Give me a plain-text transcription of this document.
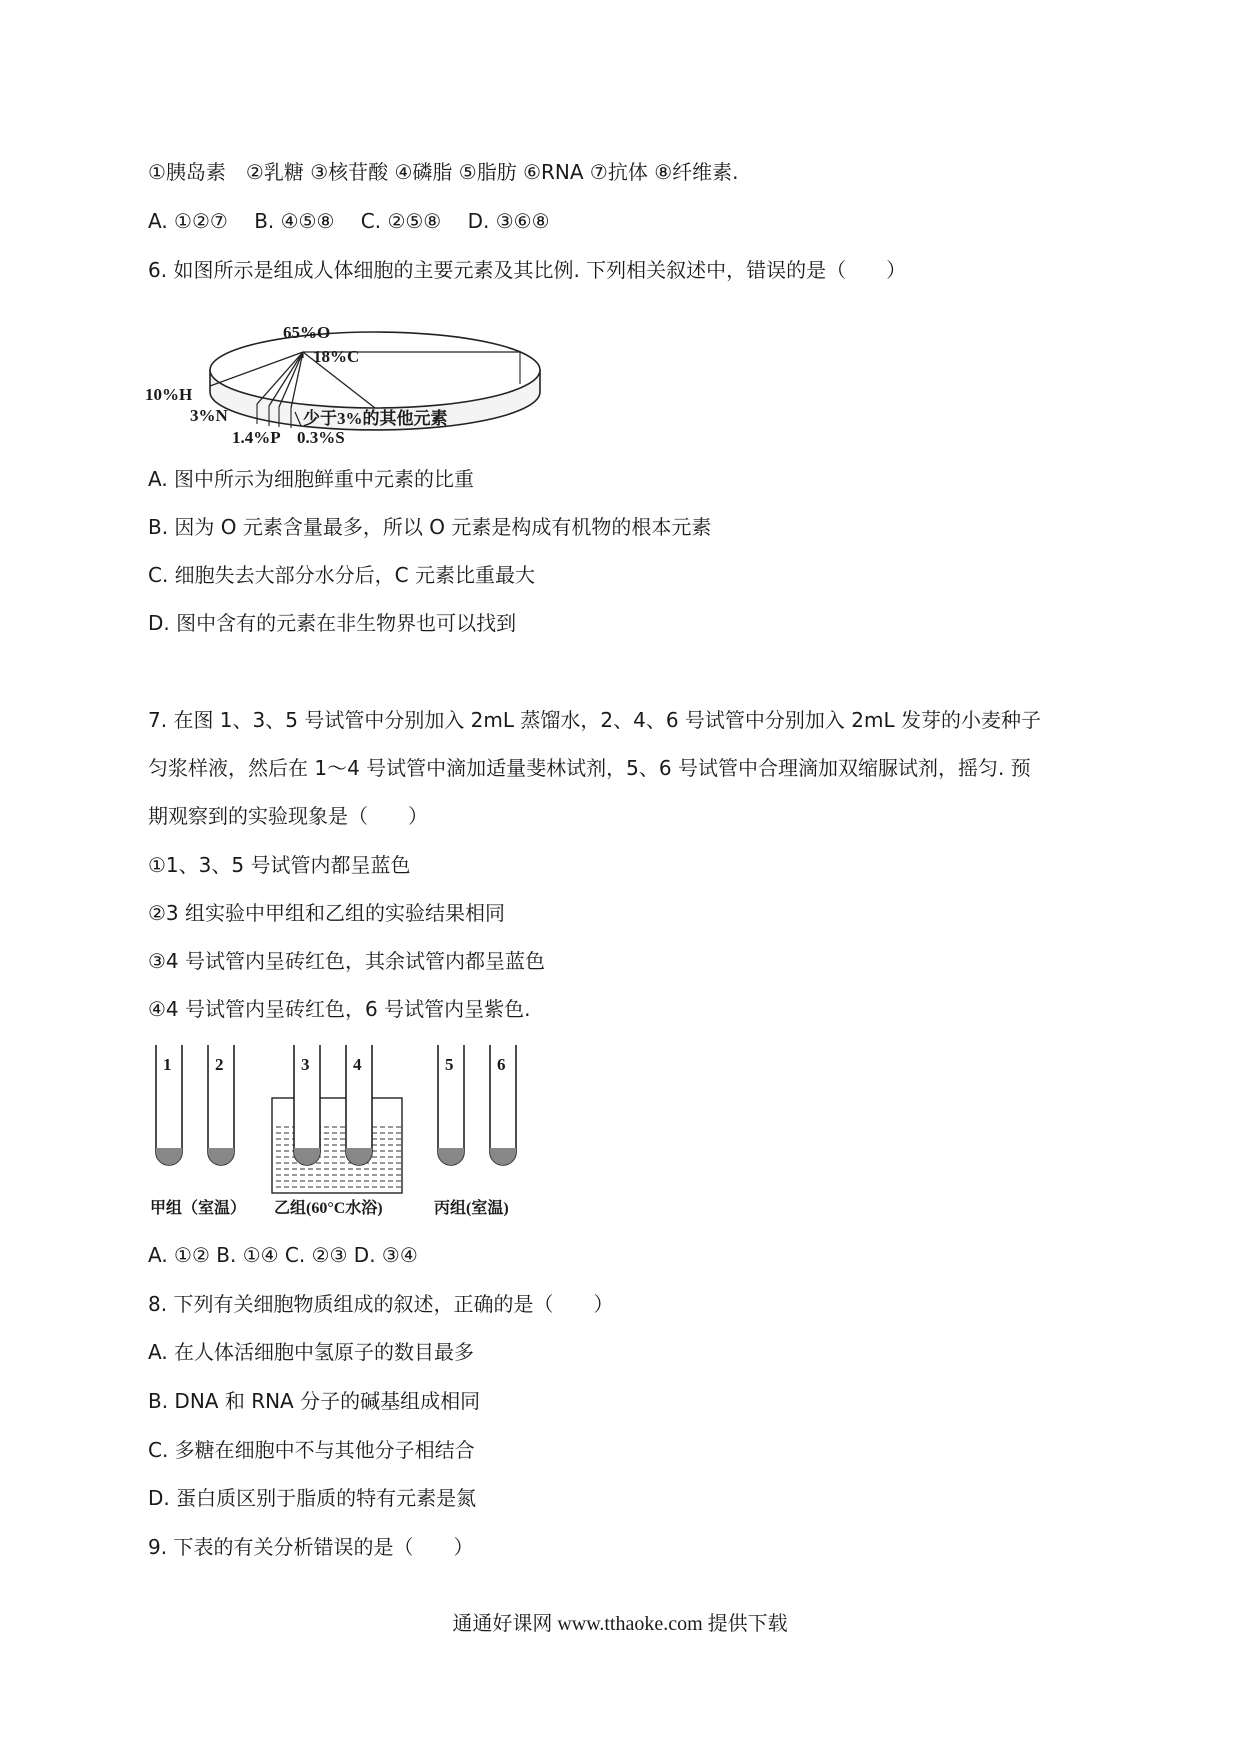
①胰岛素　②乳糖 ③核苷酸 ④磷脂 ⑤脂肪 ⑥RNA ⑦抗体 ⑧纤维素.
A. ①②⑦　 B. ④⑤⑧　 C. ②⑤⑧　 D. ③⑥⑧
6. 如图所示是组成人体细胞的主要元素及其比例. 下列相关叙述中，错误的是（　　）
65%O
18%C
10%H
3%N
1.4%P 0.3%S
少于3%的其他元素
A. 图中所示为细胞鲜重中元素的比重
B. 因为 O 元素含量最多，所以 O 元素是构成有机物的根本元素
C. 细胞失去大部分水分后，C 元素比重最大
D. 图中含有的元素在非生物界也可以找到
7. 在图 1、3、5 号试管中分别加入 2mL 蒸馏水，2、4、6 号试管中分别加入 2mL 发芽的小麦种子
匀浆样液，然后在 1～4 号试管中滴加适量斐林试剂，5、6 号试管中合理滴加双缩脲试剂，摇匀. 预
期观察到的实验现象是（　　）
①1、3、5 号试管内都呈蓝色
②3 组实验中甲组和乙组的实验结果相同
③4 号试管内呈砖红色，其余试管内都呈蓝色
④4 号试管内呈砖红色，6 号试管内呈紫色.
1	2	3	4	5	6
甲组（室温） 乙组(60°C水浴)	丙组(室温)
A. ①② B. ①④ C. ②③ D. ③④
8. 下列有关细胞物质组成的叙述，正确的是（　　）
A. 在人体活细胞中氢原子的数目最多
B. DNA 和 RNA 分子的碱基组成相同
C. 多糖在细胞中不与其他分子相结合
D. 蛋白质区别于脂质的特有元素是氮
9. 下表的有关分析错误的是（　　）
通通好课网 www.tthaoke.com 提供下载
